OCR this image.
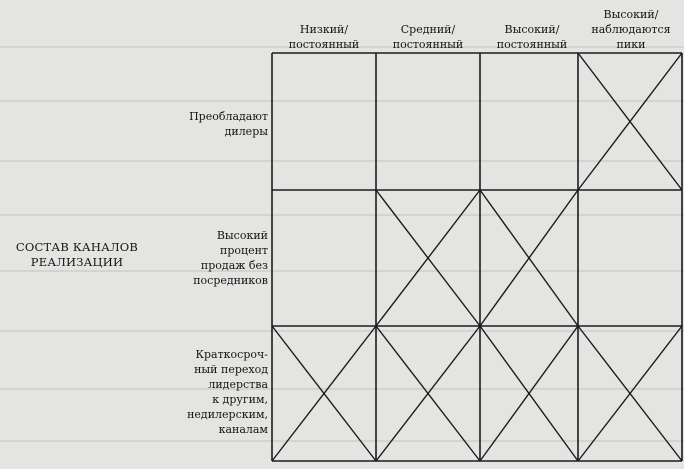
Низкий/
постоянный
Средний/
постоянный
Высокий/
постоянный
Высокий/
наблюдаются
пики
Преобладают
дилеры
Высокий
процент
продаж без
посредников
Краткосроч-
ный переход
лидерства
к другим,
недилерским,
каналам
СОСТАВ КАНАЛОВ
РЕАЛИЗАЦИИ
